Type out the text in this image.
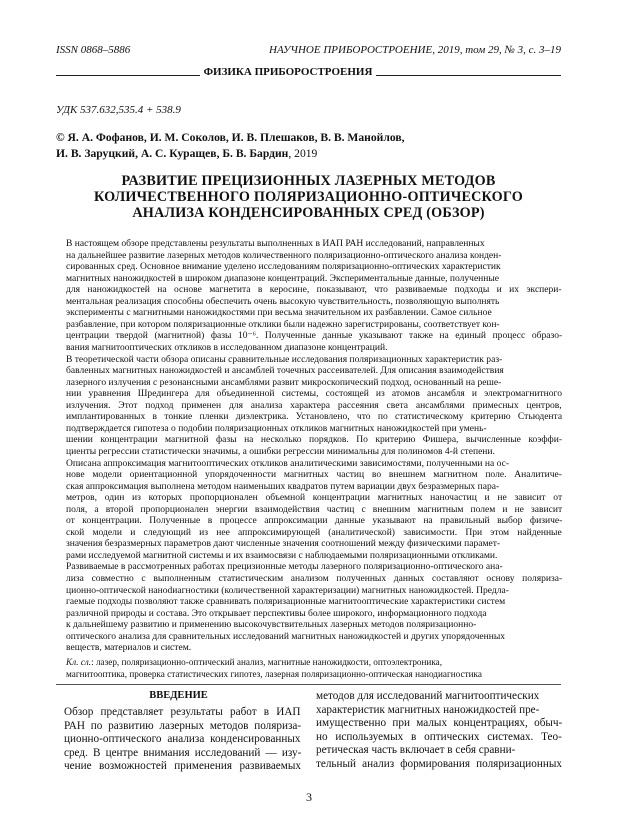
ISSN 0868–5886	НАУЧНОЕ ПРИБОРОСТРОЕНИЕ, 2019, том 29, № 3, c. 3–19
ФИЗИКА ПРИБОРОСТРОЕНИЯ
УДК 537.632,535.4 + 538.9
© Я. А. Фофанов, И. М. Соколов, И. В. Плешаков, В. В. Манойлов,
И. В. Заруцкий, А. С. Куращев, Б. В. Бардин, 2019
РАЗВИТИЕ ПРЕЦИЗИОННЫХ ЛАЗЕРНЫХ МЕТОДОВ
КОЛИЧЕСТВЕННОГО ПОЛЯРИЗАЦИОННО-ОПТИЧЕСКОГО
АНАЛИЗА КОНДЕНСИРОВАННЫХ СРЕД (ОБЗОР)
В настоящем обзоре представлены результаты выполненных в ИАП РАН исследований, направленных
на дальнейшее развитие лазерных методов количественного поляризационно-оптического анализа конден-
сированных сред. Основное внимание уделено исследованиям поляризационно-оптических характеристик
магнитных наножидкостей в широком диапазоне концентраций. Экспериментальные данные, полученные
для наножидкостей на основе магнетита в керосине, показывают, что развиваемые подходы и их экспери-
ментальная реализация способны обеспечить очень высокую чувствительность, позволяющую выполнять
эксперименты с магнитными наножидкостями при весьма значительном их разбавлении. Самое сильное
разбавление, при котором поляризационные отклики были надежно зарегистрированы, соответствует кон-
центрации твердой (магнитной) фазы 10⁻⁶. Полученные данные указывают также на единый процесс образо-
вания магнитооптических откликов в исследованном диапазоне концентраций.
В теоретической части обзора описаны сравнительные исследования поляризационных характеристик раз-
бавленных магнитных наножидкостей и ансамблей точечных рассеивателей. Для описания взаимодействия
лазерного излучения с резонансными ансамблями развит микроскопический подход, основанный на реше-
нии уравнения Шредингера для объединенной системы, состоящей из атомов ансамбля и электромагнитного
излучения. Этот подход применен для анализа характера рассеяния света ансамблями примесных центров,
имплантированных в тонкие пленки диэлектрика. Установлено, что по статистическому критерию Стьюдента
подтверждается гипотеза о подобии поляризационных откликов магнитных наножидкостей при умень-
шении концентрации магнитной фазы на несколько порядков. По критерию Фишера, вычисленные коэффи-
циенты регрессии статистически значимы, а ошибки регрессии минимальны для полиномов 4-й степени.
Описана аппроксимация магнитооптических откликов аналитическими зависимостями, полученными на ос-
нове модели ориентационной упорядоченности магнитных частиц во внешнем магнитном поле. Аналитиче-
ская аппроксимация выполнена методом наименьших квадратов путем вариации двух безразмерных пара-
метров, один из которых пропорционален объемной концентрации магнитных наночастиц и не зависит от
поля, а второй пропорционален энергии взаимодействия частиц с внешним магнитным полем и не зависит
от концентрации. Полученные в процессе аппроксимации данные указывают на правильный выбор физиче-
ской модели и следующий из нее аппроксимирующей (аналитической) зависимости. При этом найденные
значения безразмерных параметров дают численные значения соотношений между физическими парамет-
рами исследуемой магнитной системы и их взаимосвязи с наблюдаемыми поляризационными откликами.
Развиваемые в рассмотренных работах прецизионные методы лазерного поляризационно-оптического ана-
лиза совместно с выполненным статистическим анализом полученных данных составляют основу поляриза-
ционно-оптической наноdиагностики (количественной характеризации) магнитных наножидкостей. Предла-
гаемые подходы позволяют также сравнивать поляризационные магнитооптические характеристики систем
различной природы и состава. Это открывает перспективы более широкого, информационного подхода
к дальнейшему развитию и применению высокочувствительных лазерных методов поляризационно-
оптического анализа для сравнительных исследований магнитных наножидкостей и других упорядоченных
веществ, материалов и систем.
Кл. сл.: лазер, поляризационно-оптический анализ, магнитные наножидкости, оптоэлектроника,
магнитооптика, проверка статистических гипотез, лазерная поляризационно-оптическая нанодиагностика
ВВЕДЕНИЕ
Обзор представляет результаты работ в ИАП
РАН по развитию лазерных методов поляриза-
ционно-оптического анализа конденсированных
сред. В центре внимания исследований — изу-
чение возможностей применения развиваемых
методов для исследований магнитооптических
характеристик магнитных наножидкостей пре-
имущественно при малых концентрациях, обыч-
но используемых в оптических системах. Тео-
ретическая часть включает в себя сравни-
тельный анализ формирования поляризационных
3
